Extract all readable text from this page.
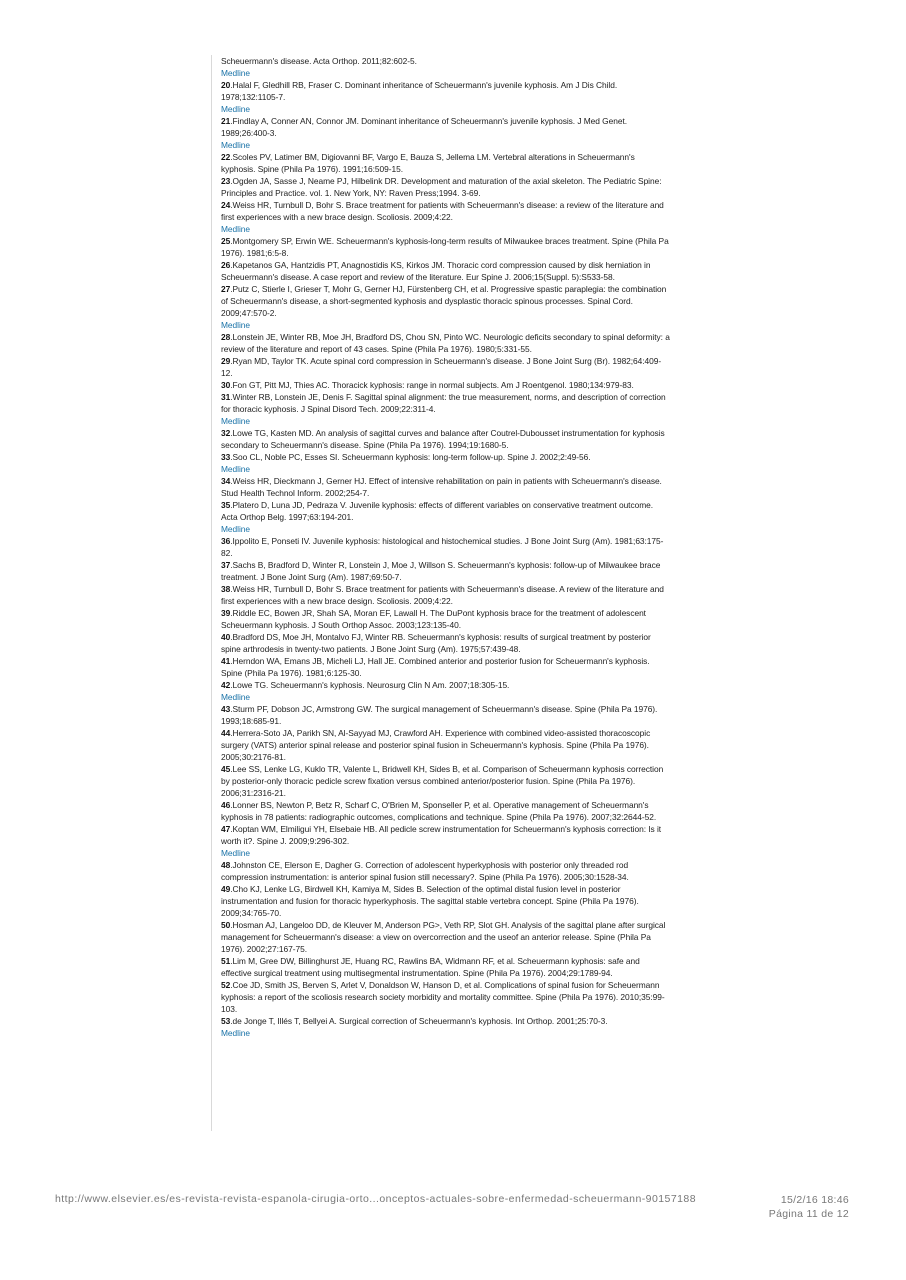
Scheuermann's disease. Acta Orthop. 2011;82:602-5.
Medline

20.Halal F, Gledhill RB, Fraser C. Dominant inheritance of Scheuermann's juvenile kyphosis. Am J Dis Child. 1978;132:1105-7.
Medline

21.Findlay A, Conner AN, Connor JM. Dominant inheritance of Scheuermann's juvenile kyphosis. J Med Genet. 1989;26:400-3.
Medline

22.Scoles PV, Latimer BM, Digiovanni BF, Vargo E, Bauza S, Jellema LM. Vertebral alterations in Scheuermann's kyphosis. Spine (Phila Pa 1976). 1991;16:509-15.

23.Ogden JA, Sasse J, Neame PJ, Hilbelink DR. Development and maturation of the axial skeleton. The Pediatric Spine: Principles and Practice. vol. 1. New York, NY: Raven Press;1994. 3-69.

24.Weiss HR, Turnbull D, Bohr S. Brace treatment for patients with Scheuermann's disease: a review of the literature and first experiences with a new brace design. Scoliosis. 2009;4:22.
Medline

25.Montgomery SP, Erwin WE. Scheuermann's kyphosis-long-term results of Milwaukee braces treatment. Spine (Phila Pa 1976). 1981;6:5-8.

26.Kapetanos GA, Hantzidis PT, Anagnostidis KS, Kirkos JM. Thoracic cord compression caused by disk herniation in Scheuermann's disease. A case report and review of the literature. Eur Spine J. 2006;15(Suppl. 5):S533-58.

27.Putz C, Stierle I, Grieser T, Mohr G, Gerner HJ, Fürstenberg CH, et al. Progressive spastic paraplegia: the combination of Scheuermann's disease, a short-segmented kyphosis and dysplastic thoracic spinous processes. Spinal Cord. 2009;47:570-2.
Medline

28.Lonstein JE, Winter RB, Moe JH, Bradford DS, Chou SN, Pinto WC. Neurologic deficits secondary to spinal deformity: a review of the literature and report of 43 cases. Spine (Phila Pa 1976). 1980;5:331-55.

29.Ryan MD, Taylor TK. Acute spinal cord compression in Scheuermann's disease. J Bone Joint Surg (Br). 1982;64:409-12.

30.Fon GT, Pitt MJ, Thies AC. Thoracick kyphosis: range in normal subjects. Am J Roentgenol. 1980;134:979-83.

31.Winter RB, Lonstein JE, Denis F. Sagittal spinal alignment: the true measurement, norms, and description of correction for thoracic kyphosis. J Spinal Disord Tech. 2009;22:311-4.
Medline

32.Lowe TG, Kasten MD. An analysis of sagittal curves and balance after Coutrel-Dubousset instrumentation for kyphosis secondary to Scheuermann's disease. Spine (Phila Pa 1976). 1994;19:1680-5.

33.Soo CL, Noble PC, Esses SI. Scheuermann kyphosis: long-term follow-up. Spine J. 2002;2:49-56.
Medline

34.Weiss HR, Dieckmann J, Gerner HJ. Effect of intensive rehabilitation on pain in patients with Scheuermann's disease. Stud Health Technol Inform. 2002;254-7.

35.Platero D, Luna JD, Pedraza V. Juvenile kyphosis: effects of different variables on conservative treatment outcome. Acta Orthop Belg. 1997;63:194-201.
Medline

36.Ippolito E, Ponseti IV. Juvenile kyphosis: histological and histochemical studies. J Bone Joint Surg (Am). 1981;63:175-82.

37.Sachs B, Bradford D, Winter R, Lonstein J, Moe J, Willson S. Scheuermann's kyphosis: follow-up of Milwaukee brace treatment. J Bone Joint Surg (Am). 1987;69:50-7.

38.Weiss HR, Turnbull D, Bohr S. Brace treatment for patients with Scheuermann's disease. A review of the literature and first experiences with a new brace design. Scoliosis. 2009;4:22.

39.Riddle EC, Bowen JR, Shah SA, Moran EF, Lawall H. The DuPont kyphosis brace for the treatment of adolescent Scheuermann kyphosis. J South Orthop Assoc. 2003;123:135-40.

40.Bradford DS, Moe JH, Montalvo FJ, Winter RB. Scheuermann's kyphosis: results of surgical treatment by posterior spine arthrodesis in twenty-two patients. J Bone Joint Surg (Am). 1975;57:439-48.

41.Herndon WA, Emans JB, Micheli LJ, Hall JE. Combined anterior and posterior fusion for Scheuermann's kyphosis. Spine (Phila Pa 1976). 1981;6:125-30.

42.Lowe TG. Scheuermann's kyphosis. Neurosurg Clin N Am. 2007;18:305-15.
Medline

43.Sturm PF, Dobson JC, Armstrong GW. The surgical management of Scheuermann's disease. Spine (Phila Pa 1976). 1993;18:685-91.

44.Herrera-Soto JA, Parikh SN, Al-Sayyad MJ, Crawford AH. Experience with combined video-assisted thoracoscopic surgery (VATS) anterior spinal release and posterior spinal fusion in Scheuermann's kyphosis. Spine (Phila Pa 1976). 2005;30:2176-81.

45.Lee SS, Lenke LG, Kuklo TR, Valente L, Bridwell KH, Sides B, et al. Comparison of Scheuermann kyphosis correction by posterior-only thoracic pedicle screw fixation versus combined anterior/posterior fusion. Spine (Phila Pa 1976). 2006;31:2316-21.

46.Lonner BS, Newton P, Betz R, Scharf C, O'Brien M, Sponseller P, et al. Operative management of Scheuermann's kyphosis in 78 patients: radiographic outcomes, complications and technique. Spine (Phila Pa 1976). 2007;32:2644-52.

47.Koptan WM, Elmiligui YH, Elsebaie HB. All pedicle screw instrumentation for Scheuermann's kyphosis correction: Is it worth it?. Spine J. 2009;9:296-302.
Medline

48.Johnston CE, Elerson E, Dagher G. Correction of adolescent hyperkyphosis with posterior only threaded rod compression instrumentation: is anterior spinal fusion still necessary?. Spine (Phila Pa 1976). 2005;30:1528-34.

49.Cho KJ, Lenke LG, Birdwell KH, Kamiya M, Sides B. Selection of the optimal distal fusion level in posterior instrumentation and fusion for thoracic hyperkyphosis. The sagittal stable vertebra concept. Spine (Phila Pa 1976). 2009;34:765-70.

50.Hosman AJ, Langeloo DD, de Kleuver M, Anderson PG>, Veth RP, Slot GH. Analysis of the sagittal plane after surgical management for Scheuermann's disease: a view on overcorrection and the useof an anterior release. Spine (Phila Pa 1976). 2002;27:167-75.

51.Lim M, Gree DW, Billinghurst JE, Huang RC, Rawlins BA, Widmann RF, et al. Scheuermann kyphosis: safe and effective surgical treatment using multisegmental instrumentation. Spine (Phila Pa 1976). 2004;29:1789-94.

52.Coe JD, Smith JS, Berven S, Arlet V, Donaldson W, Hanson D, et al. Complications of spinal fusion for Scheuermann kyphosis: a report of the scoliosis research society morbidity and mortality committee. Spine (Phila Pa 1976). 2010;35:99-103.

53.de Jonge T, Illés T, Bellyei A. Surgical correction of Scheuermann's kyphosis. Int Orthop. 2001;25:70-3.
Medline

http://www.elsevier.es/es-revista-revista-espanola-cirugia-orto...onceptos-actuales-sobre-enfermedad-scheuermann-90157188	15/2/16 18:46
Página 11 de 12
